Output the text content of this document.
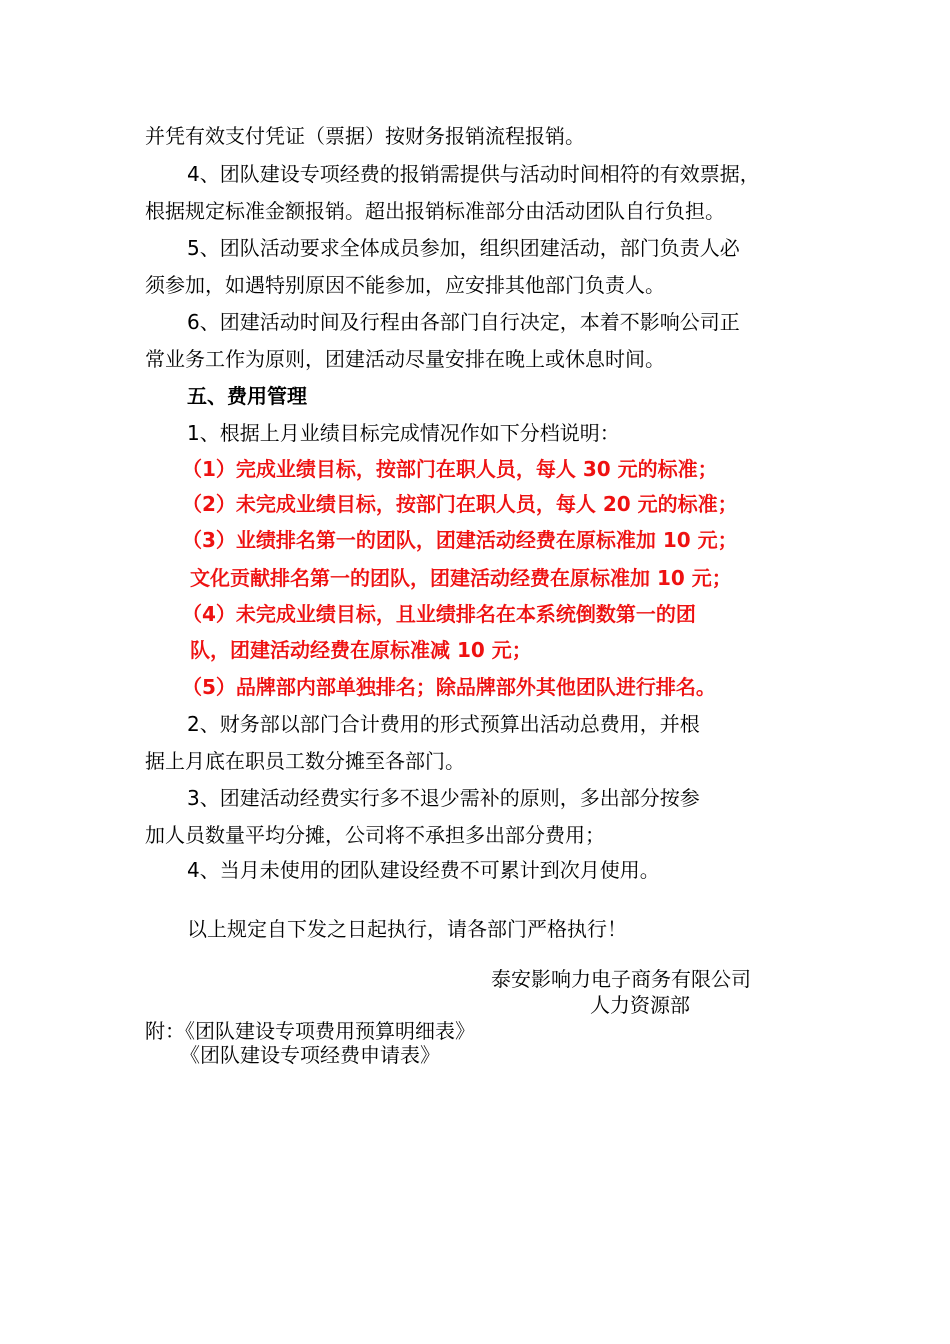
并凭有效支付凭证（票据）按财务报销流程报销。
4、团队建设专项经费的报销需提供与活动时间相符的有效票据，
根据规定标准金额报销。超出报销标准部分由活动团队自行负担。
5、团队活动要求全体成员参加，组织团建活动，部门负责人必
须参加，如遇特别原因不能参加，应安排其他部门负责人。
6、团建活动时间及行程由各部门自行决定，本着不影响公司正
常业务工作为原则，团建活动尽量安排在晚上或休息时间。
五、费用管理
1、根据上月业绩目标完成情况作如下分档说明：
（1）完成业绩目标，按部门在职人员，每人 30 元的标准；
（2）未完成业绩目标，按部门在职人员，每人 20 元的标准；
（3）业绩排名第一的团队，团建活动经费在原标准加 10 元；
文化贡献排名第一的团队，团建活动经费在原标准加 10 元；
（4）未完成业绩目标，且业绩排名在本系统倒数第一的团
队，团建活动经费在原标准减 10 元；
（5）品牌部内部单独排名；除品牌部外其他团队进行排名。
2、财务部以部门合计费用的形式预算出活动总费用，并根
据上月底在职员工数分摊至各部门。
3、团建活动经费实行多不退少需补的原则，多出部分按参
加人员数量平均分摊，公司将不承担多出部分费用；
4、当月未使用的团队建设经费不可累计到次月使用。
以上规定自下发之日起执行，请各部门严格执行！
泰安影响力电子商务有限公司
人力资源部
附：《团队建设专项费用预算明细表》
《团队建设专项经费申请表》
